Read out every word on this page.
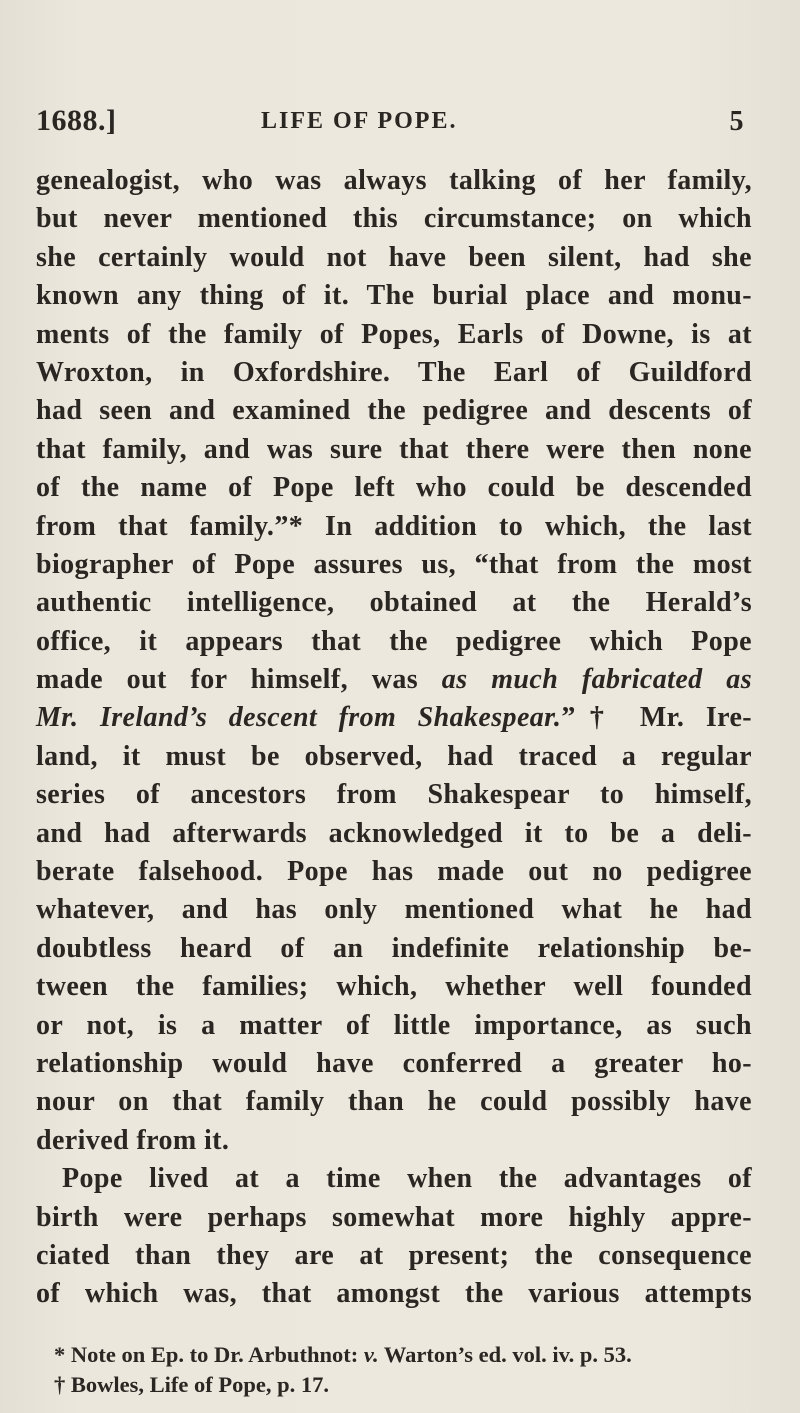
1688.]	LIFE OF POPE.	5
genealogist, who was always talking of her family,
but never mentioned this circumstance; on which
she certainly would not have been silent, had she
known any thing of it. The burial place and monu-
ments of the family of Popes, Earls of Downe, is at
Wroxton, in Oxfordshire. The Earl of Guildford
had seen and examined the pedigree and descents of
that family, and was sure that there were then none
of the name of Pope left who could be descended
from that family.”* In addition to which, the last
biographer of Pope assures us, “that from the most
authentic intelligence, obtained at the Herald’s
office, it appears that the pedigree which Pope
made out for himself, was as much fabricated as
Mr. Ireland’s descent from Shakespear.”† Mr. Ire-
land, it must be observed, had traced a regular
series of ancestors from Shakespear to himself,
and had afterwards acknowledged it to be a deli-
berate falsehood. Pope has made out no pedigree
whatever, and has only mentioned what he had
doubtless heard of an indefinite relationship be-
tween the families; which, whether well founded
or not, is a matter of little importance, as such
relationship would have conferred a greater ho-
nour on that family than he could possibly have
derived from it.
Pope lived at a time when the advantages of
birth were perhaps somewhat more highly appre-
ciated than they are at present; the consequence
of which was, that amongst the various attempts
* Note on Ep. to Dr. Arbuthnot: v. Warton’s ed. vol. iv. p. 53.
† Bowles, Life of Pope, p. 17.
